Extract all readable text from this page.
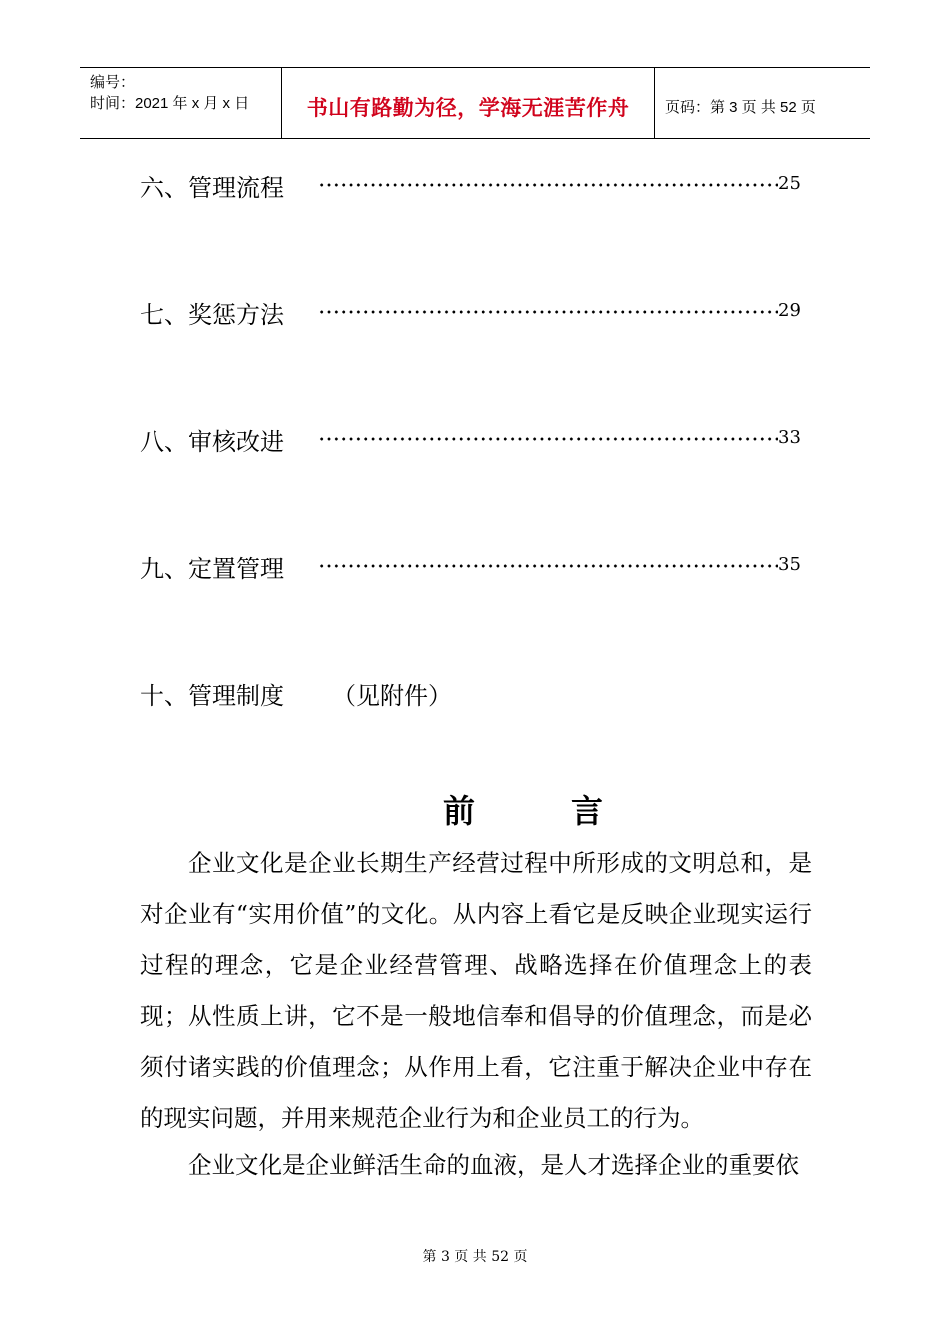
编号：
时间：2021 年 x 月 x 日	书山有路勤为径，学海无涯苦作舟	页码：第 3 页 共 52 页
六、管理流程	25
七、奖惩方法	29
八、审核改进	33
九、定置管理	35
十、管理制度 （见附件）
前言

企业文化是企业长期生产经营过程中所形成的文明总和，是对企业有“实用价值”的文化。从内容上看它是反映企业现实运行过程的理念，它是企业经营管理、战略选择在价值理念上的表现；从性质上讲，它不是一般地信奉和倡导的价值理念，而是必须付诸实践的价值理念；从作用上看，它注重于解决企业中存在的现实问题，并用来规范企业行为和企业员工的行为。

企业文化是企业鲜活生命的血液，是人才选择企业的重要依

第 3 页 共 52 页
